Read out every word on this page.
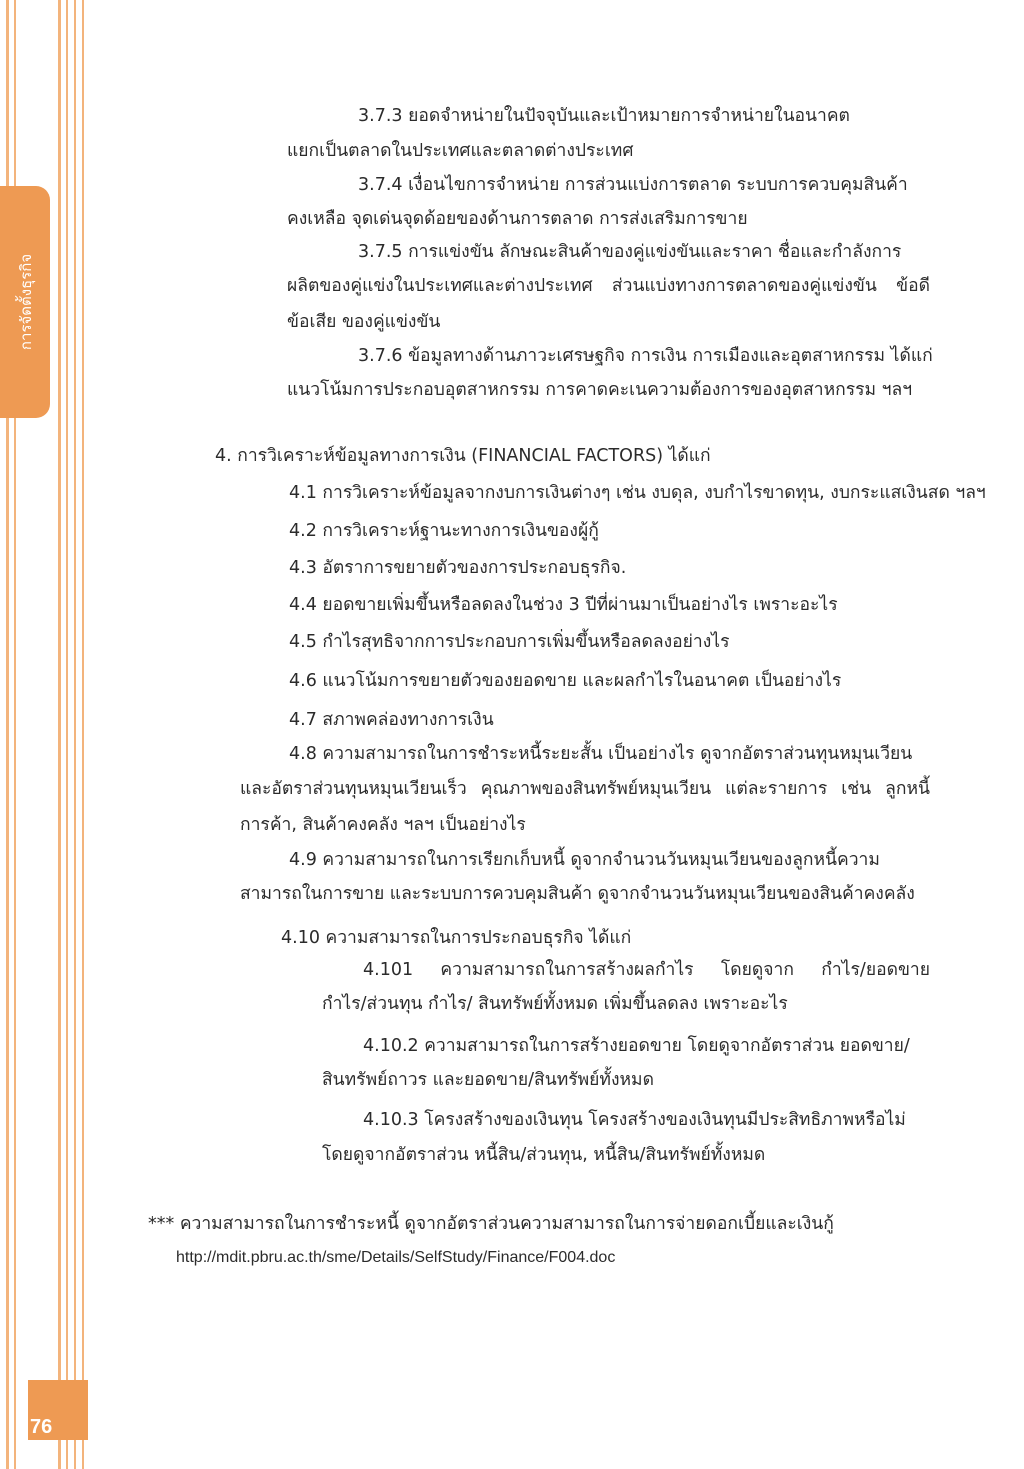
การจัดตั้งธุรกิจ
76
3.7.3 ยอดจำหน่ายในปัจจุบันและเป้าหมายการจำหน่ายในอนาคต
แยกเป็นตลาดในประเทศและตลาดต่างประเทศ
3.7.4 เงื่อนไขการจำหน่าย การส่วนแบ่งการตลาด ระบบการควบคุมสินค้า
คงเหลือ จุดเด่นจุดด้อยของด้านการตลาด การส่งเสริมการขาย
3.7.5 การแข่งขัน ลักษณะสินค้าของคู่แข่งขันและราคา ชื่อและกำลังการ
ผลิตของคู่แข่งในประเทศและต่างประเทศ ส่วนแบ่งทางการตลาดของคู่แข่งขัน ข้อดี
ข้อเสีย ของคู่แข่งขัน
3.7.6 ข้อมูลทางด้านภาวะเศรษฐกิจ การเงิน การเมืองและอุตสาหกรรม ได้แก่
แนวโน้มการประกอบอุตสาหกรรม การคาดคะเนความต้องการของอุตสาหกรรม ฯลฯ
4. การวิเคราะห์ข้อมูลทางการเงิน (FINANCIAL FACTORS) ได้แก่
4.1 การวิเคราะห์ข้อมูลจากงบการเงินต่างๆ เช่น งบดุล, งบกำไรขาดทุน, งบกระแสเงินสด ฯลฯ
4.2 การวิเคราะห์ฐานะทางการเงินของผู้กู้
4.3 อัตราการขยายตัวของการประกอบธุรกิจ.
4.4 ยอดขายเพิ่มขึ้นหรือลดลงในช่วง 3 ปีที่ผ่านมาเป็นอย่างไร เพราะอะไร
4.5 กำไรสุทธิจากการประกอบการเพิ่มขึ้นหรือลดลงอย่างไร
4.6 แนวโน้มการขยายตัวของยอดขาย และผลกำไรในอนาคต เป็นอย่างไร
4.7 สภาพคล่องทางการเงิน
4.8 ความสามารถในการชำระหนี้ระยะสั้น เป็นอย่างไร ดูจากอัตราส่วนทุนหมุนเวียน
และอัตราส่วนทุนหมุนเวียนเร็ว คุณภาพของสินทรัพย์หมุนเวียน แต่ละรายการ เช่น ลูกหนี้
การค้า, สินค้าคงคลัง ฯลฯ เป็นอย่างไร
4.9 ความสามารถในการเรียกเก็บหนี้ ดูจากจำนวนวันหมุนเวียนของลูกหนี้ความ
สามารถในการขาย และระบบการควบคุมสินค้า ดูจากจำนวนวันหมุนเวียนของสินค้าคงคลัง
4.10 ความสามารถในการประกอบธุรกิจ ได้แก่
4.101 ความสามารถในการสร้างผลกำไร โดยดูจาก กำไร/ยอดขาย
กำไร/ส่วนทุน กำไร/ สินทรัพย์ทั้งหมด เพิ่มขึ้นลดลง เพราะอะไร
4.10.2 ความสามารถในการสร้างยอดขาย โดยดูจากอัตราส่วน ยอดขาย/
สินทรัพย์ถาวร และยอดขาย/สินทรัพย์ทั้งหมด
4.10.3 โครงสร้างของเงินทุน โครงสร้างของเงินทุนมีประสิทธิภาพหรือไม่
โดยดูจากอัตราส่วน หนี้สิน/ส่วนทุน, หนี้สิน/สินทรัพย์ทั้งหมด
*** ความสามารถในการชำระหนี้ ดูจากอัตราส่วนความสามารถในการจ่ายดอกเบี้ยและเงินกู้
http://mdit.pbru.ac.th/sme/Details/SelfStudy/Finance/F004.doc
